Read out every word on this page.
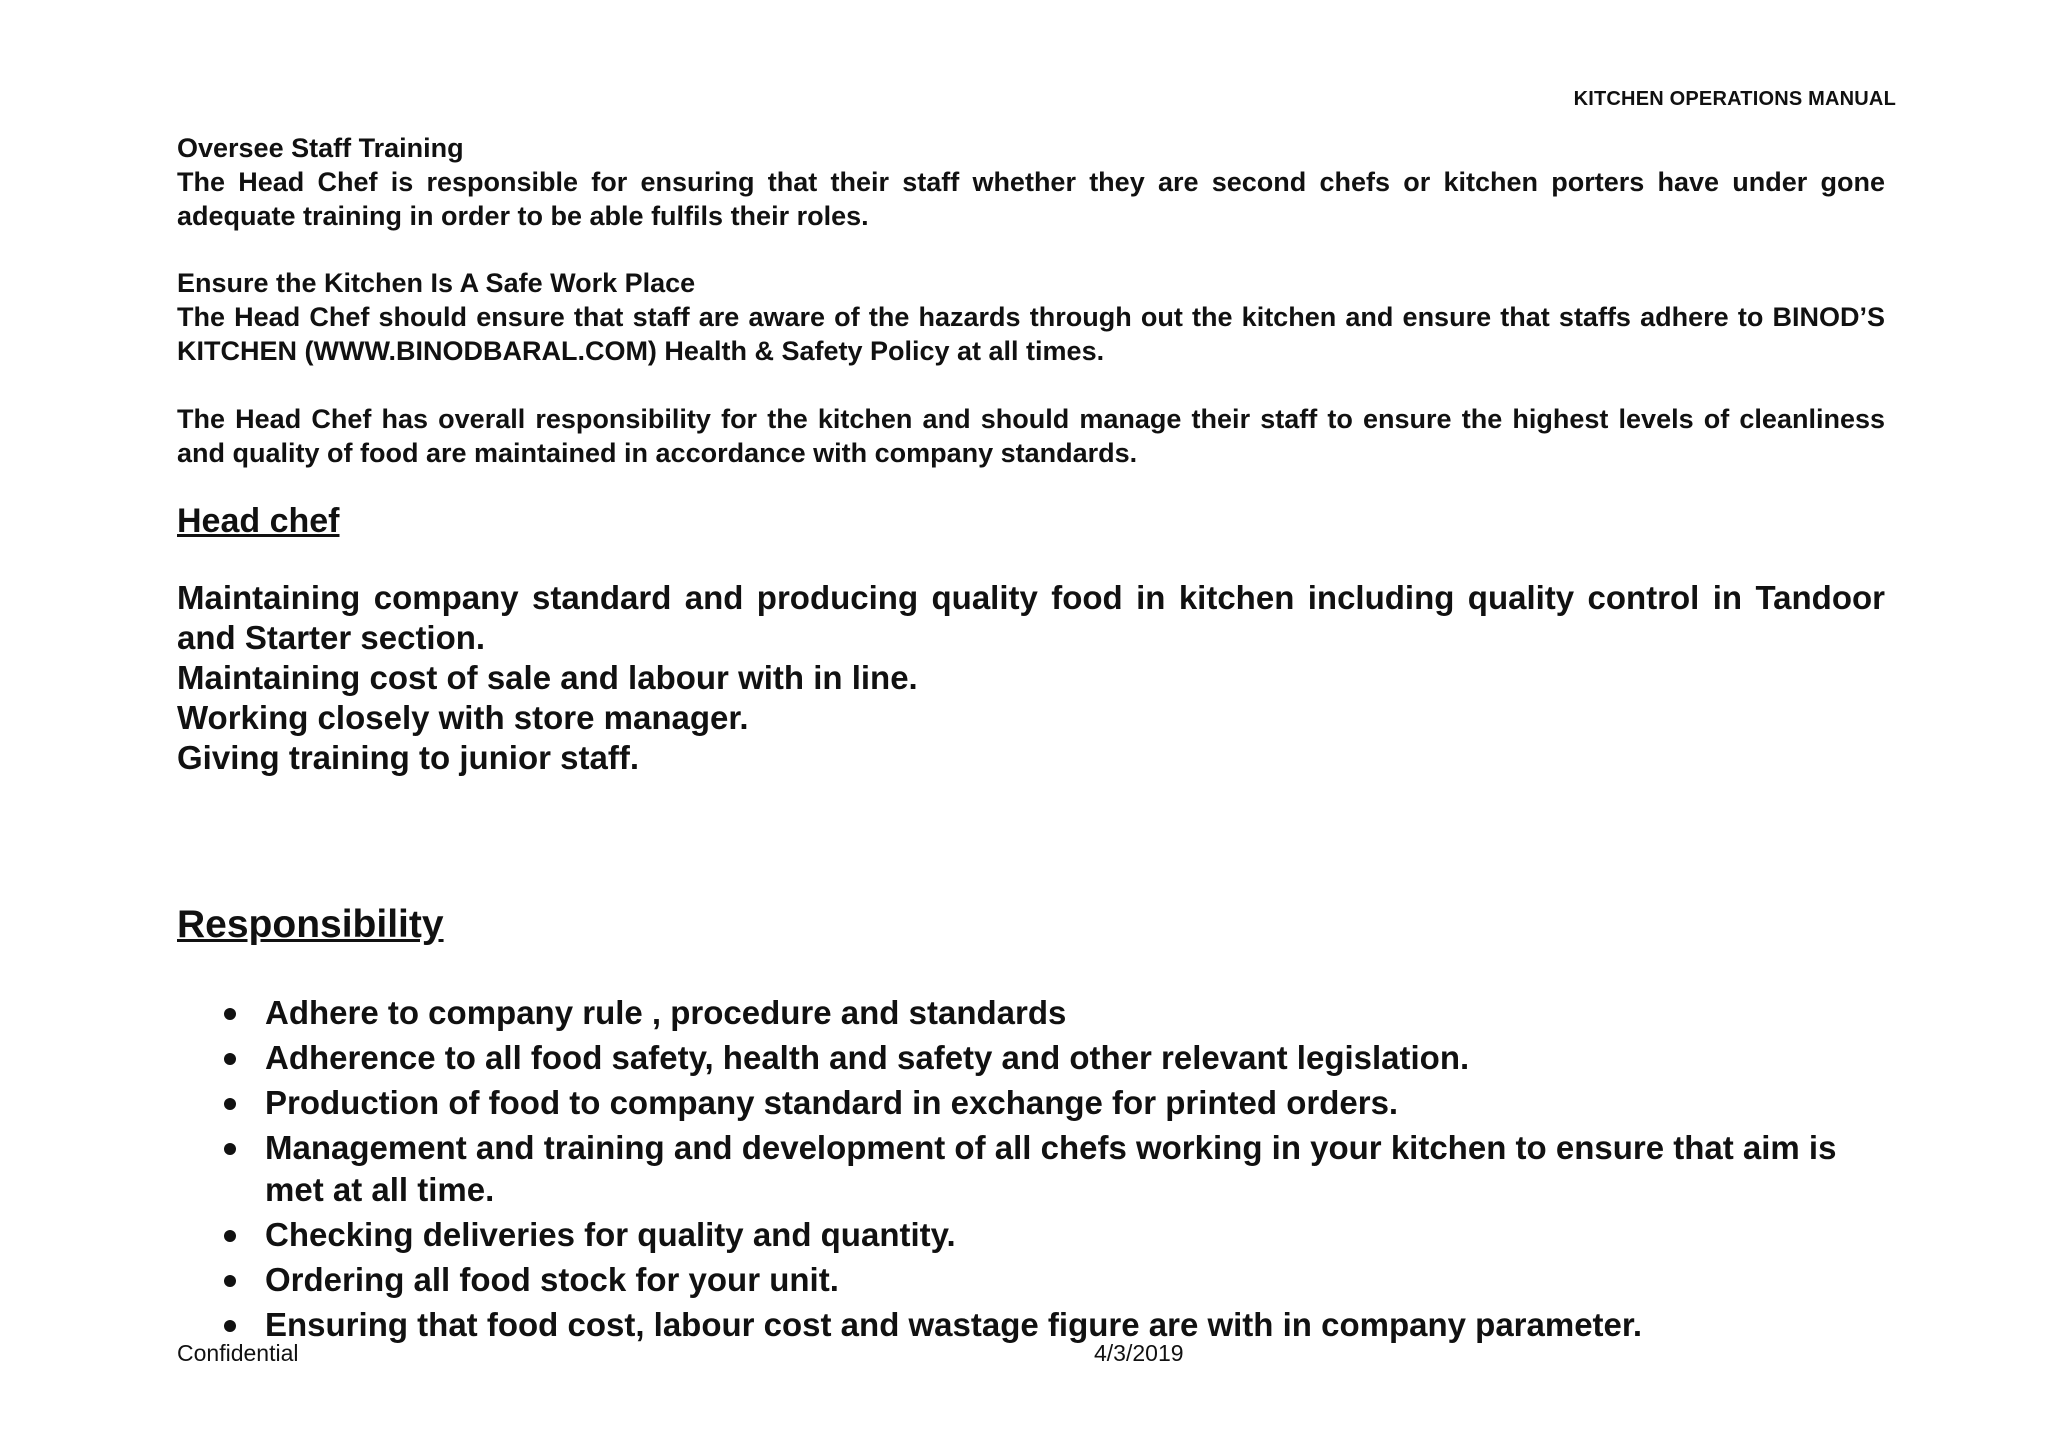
KITCHEN OPERATIONS MANUAL

Oversee Staff Training

The Head Chef is responsible for ensuring that their staff whether they are second chefs or kitchen porters have under gone adequate training in order to be able fulfils their roles.

Ensure the Kitchen Is A Safe Work Place

The Head Chef should ensure that staff are aware of the hazards through out the kitchen and ensure that staffs adhere to BINOD’S KITCHEN (WWW.BINODBARAL.COM) Health & Safety Policy at all times.

The Head Chef has overall responsibility for the kitchen and should manage their staff to ensure the highest levels of cleanliness and quality of food are maintained in accordance with company standards.

Head chef

Maintaining company standard and producing quality food in kitchen including quality control in Tandoor and Starter section.
Maintaining cost of sale and labour with in line.
Working closely with store manager.
Giving training to junior staff.

Responsibility

Adhere to company rule , procedure and standards
Adherence to all food safety, health and safety and other relevant legislation.
Production of food to company standard in exchange for printed orders.
Management and training and development of all chefs working in your kitchen to ensure that aim is met at all time.
Checking deliveries for quality and quantity.
Ordering all food stock for your unit.
Ensuring that food cost, labour cost and wastage figure are with in company parameter.
Confidential	4/3/2019
